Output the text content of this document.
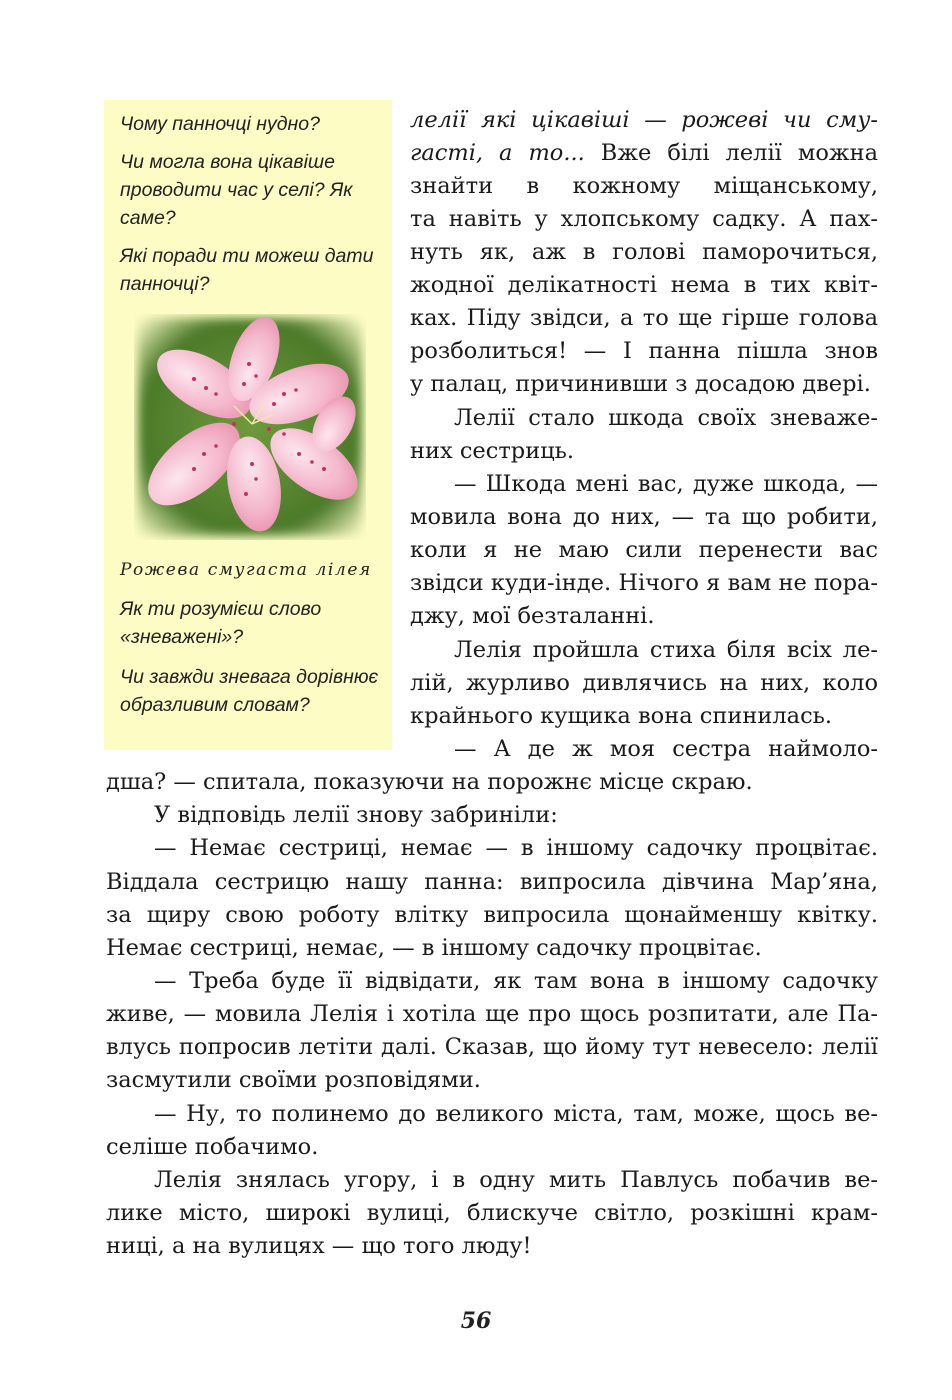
Чому панночці нудно?
Чи могла вона цікавіше проводити час у селі? Як саме?
Які поради ти можеш дати панночці?
Рожева смугаста лілея
Як ти розумієш слово «зневажені»?
Чи завжди зневага дорівнює образливим словам?
лелії які цікавіші — рожеві чи сму-
гасті, а то... Вже білі лелії можна
знайти в кожному міщанському,
та навіть у хлопському садку. А пах-
нуть як, аж в голові паморочиться,
жодної делікатності нема в тих квіт-
ках. Піду звідси, а то ще гірше голова
розболиться! — І панна пішла знов
у палац, причинивши з досадою двері.
Лелії стало шкода своїх зневаже-
них сестриць.
— Шкода мені вас, дуже шкода, —
мовила вона до них, — та що робити,
коли я не маю сили перенести вас
звідси куди-інде. Нічого я вам не пора-
джу, мої безталанні.
Лелія пройшла стиха біля всіх ле-
лій, журливо дивлячись на них, коло
крайнього кущика вона спинилась.
— А де ж моя сестра наймоло-
дша? — спитала, показуючи на порожнє місце скраю.
У відповідь лелії знову забриніли:
— Немає сестриці, немає — в іншому садочку процвітає.
Віддала сестрицю нашу панна: випросила дівчина Мар’яна,
за щиру свою роботу влітку випросила щонайменшу квітку.
Немає сестриці, немає, — в іншому садочку процвітає.
— Треба буде її відвідати, як там вона в іншому садочку
живе, — мовила Лелія і хотіла ще про щось розпитати, але Па-
влусь попросив летіти далі. Сказав, що йому тут невесело: лелії
засмутили своїми розповідями.
— Ну, то полинемо до великого міста, там, може, щось ве-
селіше побачимо.
Лелія знялась угору, і в одну мить Павлусь побачив ве-
лике місто, широкі вулиці, блискуче світло, розкішні крам-
ниці, а на вулицях — що того люду!
56
